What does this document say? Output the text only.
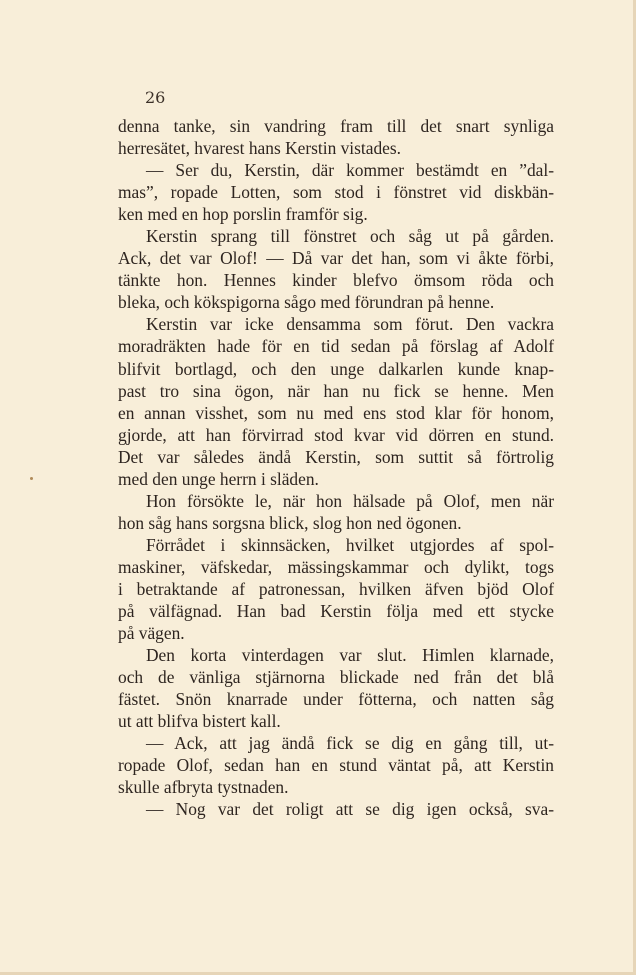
26

denna tanke, sin vandring fram till det snart synliga

herresätet, hvarest hans Kerstin vistades.

— Ser du, Kerstin, där kommer bestämdt en ”dal-

mas”, ropade Lotten, som stod i fönstret vid diskbän-

ken med en hop porslin framför sig.

Kerstin sprang till fönstret och såg ut på gården.

Ack, det var Olof! — Då var det han, som vi åkte förbi,

tänkte hon. Hennes kinder blefvo ömsom röda och

bleka, och kökspigorna sågo med förundran på henne.

Kerstin var icke densamma som förut. Den vackra

moradräkten hade för en tid sedan på förslag af Adolf

blifvit bortlagd, och den unge dalkarlen kunde knap-

past tro sina ögon, när han nu fick se henne. Men

en annan visshet, som nu med ens stod klar för honom,

gjorde, att han förvirrad stod kvar vid dörren en stund.

Det var således ändå Kerstin, som suttit så förtrolig

med den unge herrn i släden.

Hon försökte le, när hon hälsade på Olof, men när

hon såg hans sorgsna blick, slog hon ned ögonen.

Förrådet i skinnsäcken, hvilket utgjordes af spol-

maskiner, väfskedar, mässingskammar och dylikt, togs

i betraktande af patronessan, hvilken äfven bjöd Olof

på välfägnad. Han bad Kerstin följa med ett stycke

på vägen.

Den korta vinterdagen var slut. Himlen klarnade,

och de vänliga stjärnorna blickade ned från det blå

fästet. Snön knarrade under fötterna, och natten såg

ut att blifva bistert kall.

— Ack, att jag ändå fick se dig en gång till, ut-

ropade Olof, sedan han en stund väntat på, att Kerstin

skulle afbryta tystnaden.

— Nog var det roligt att se dig igen också, sva-
